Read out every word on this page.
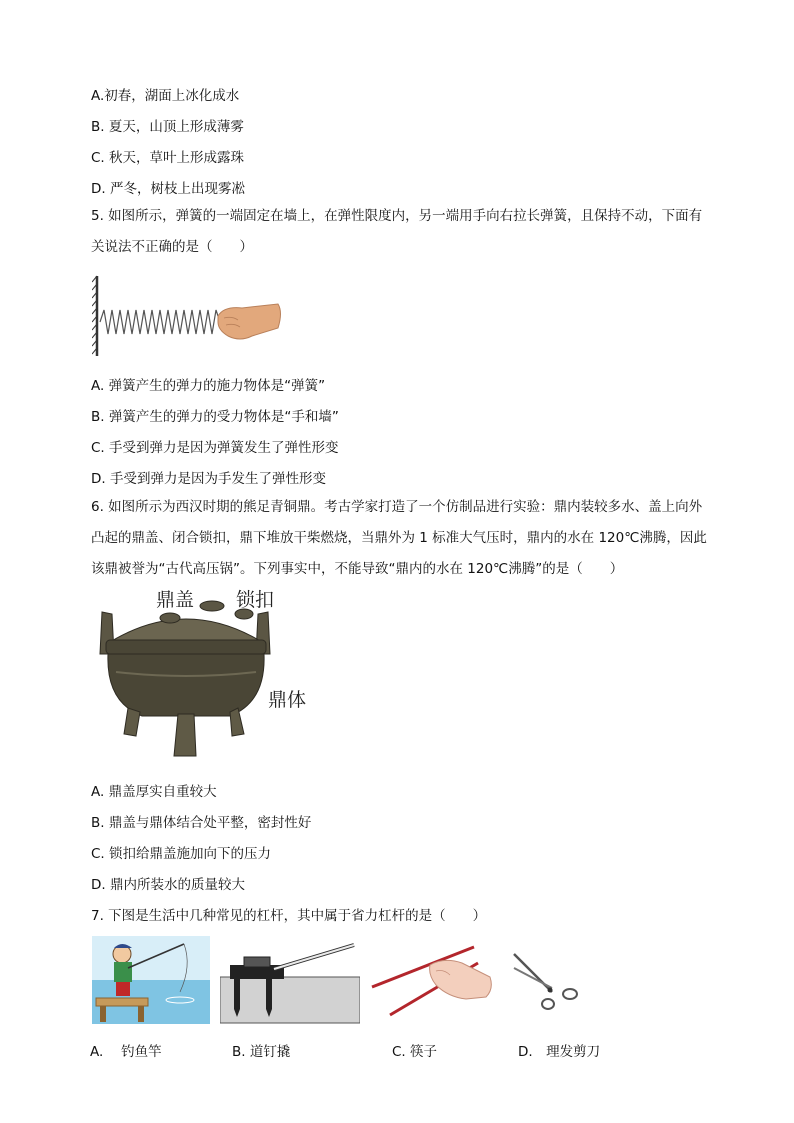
A.初春，湖面上冰化成水
B. 夏天，山顶上形成薄雾
C. 秋天，草叶上形成露珠
D. 严冬，树枝上出现雾凇
5. 如图所示，弹簧的一端固定在墙上，在弹性限度内，另一端用手向右拉长弹簧，且保持不动，下面有关说法不正确的是（　　）
A. 弹簧产生的弹力的施力物体是“弹簧”
B. 弹簧产生的弹力的受力物体是“手和墙”
C. 手受到弹力是因为弹簧发生了弹性形变
D. 手受到弹力是因为手发生了弹性形变
6. 如图所示为西汉时期的熊足青铜鼎。考古学家打造了一个仿制品进行实验：鼎内装较多水、盖上向外凸起的鼎盖、闭合锁扣，鼎下堆放干柴燃烧，当鼎外为 1 标准大气压时，鼎内的水在 120℃沸腾，因此该鼎被誉为“古代高压锅”。下列事实中，不能导致“鼎内的水在 120℃沸腾”的是（　　）
鼎盖 锁扣
鼎体
A. 鼎盖厚实自重较大
B. 鼎盖与鼎体结合处平整，密封性好
C. 锁扣给鼎盖施加向下的压力
D. 鼎内所装水的质量较大
7. 下图是生活中几种常见的杠杆，其中属于省力杠杆的是（　　）
A.　 钓鱼竿	B. 道钉撬	C. 筷子	D.　理发剪刀
